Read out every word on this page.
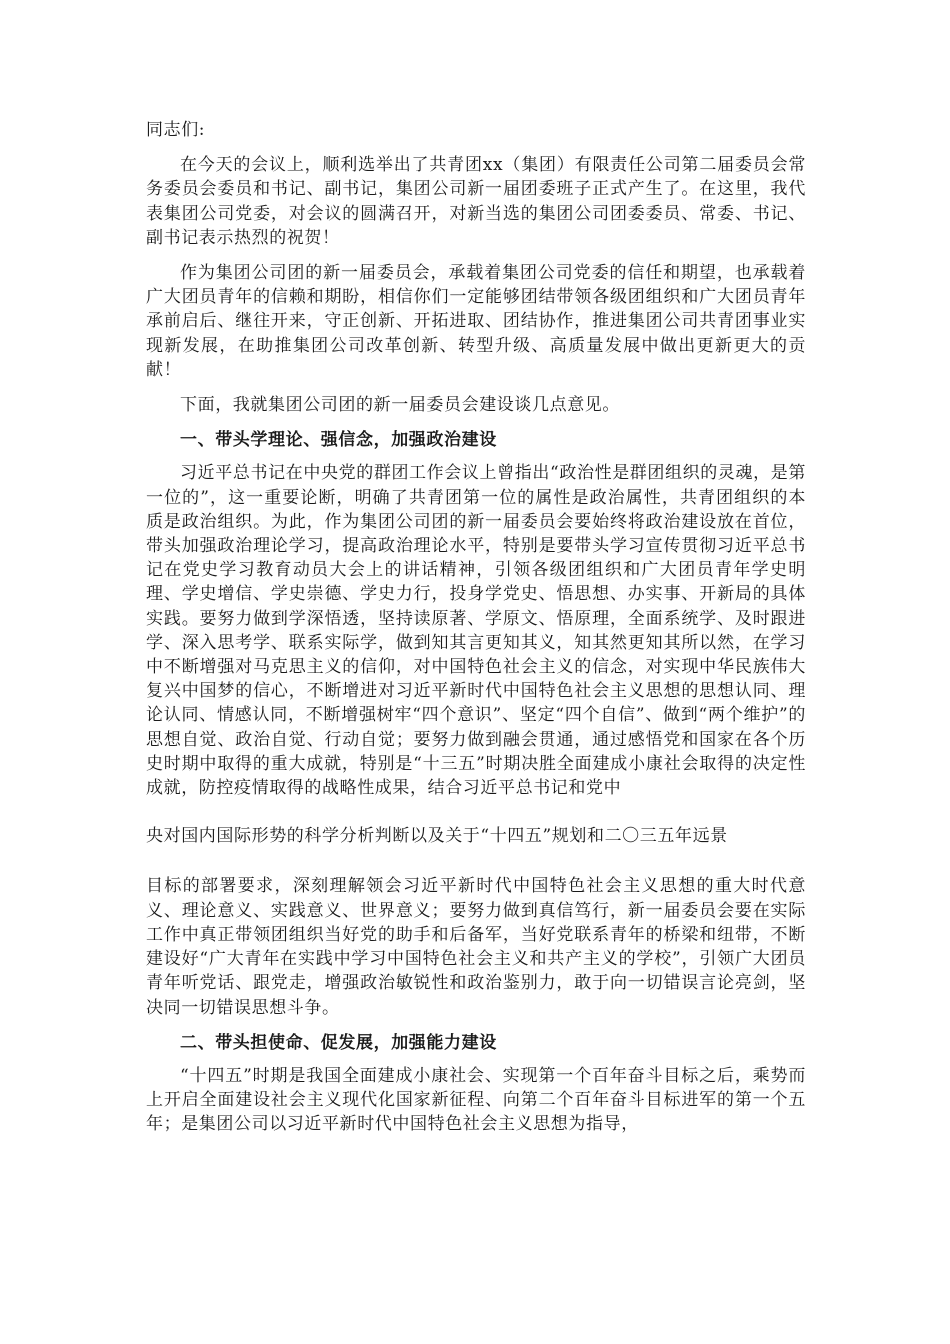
同志们:

在今天的会议上，顺利选举出了共青团xx（集团）有限责任公司第二届委员会常务委员会委员和书记、副书记，集团公司新一届团委班子正式产生了。在这里，我代表集团公司党委，对会议的圆满召开，对新当选的集团公司团委委员、常委、书记、副书记表示热烈的祝贺！

作为集团公司团的新一届委员会，承载着集团公司党委的信任和期望，也承载着广大团员青年的信赖和期盼，相信你们一定能够团结带领各级团组织和广大团员青年承前启后、继往开来，守正创新、开拓进取、团结协作，推进集团公司共青团事业实现新发展，在助推集团公司改革创新、转型升级、高质量发展中做出更新更大的贡献！

下面，我就集团公司团的新一届委员会建设谈几点意见。

一、带头学理论、强信念，加强政治建设

习近平总书记在中央党的群团工作会议上曾指出“政治性是群团组织的灵魂，是第一位的”，这一重要论断，明确了共青团第一位的属性是政治属性，共青团组织的本质是政治组织。为此，作为集团公司团的新一届委员会要始终将政治建设放在首位，带头加强政治理论学习，提高政治理论水平，特别是要带头学习宣传贯彻习近平总书记在党史学习教育动员大会上的讲话精神，引领各级团组织和广大团员青年学史明理、学史增信、学史崇德、学史力行，投身学党史、悟思想、办实事、开新局的具体实践。要努力做到学深悟透，坚持读原著、学原文、悟原理，全面系统学、及时跟进学、深入思考学、联系实际学，做到知其言更知其义，知其然更知其所以然，在学习中不断增强对马克思主义的信仰，对中国特色社会主义的信念，对实现中华民族伟大复兴中国梦的信心，不断增进对习近平新时代中国特色社会主义思想的思想认同、理论认同、情感认同，不断增强树牢“四个意识”、坚定“四个自信”、做到“两个维护”的思想自觉、政治自觉、行动自觉；要努力做到融会贯通，通过感悟党和国家在各个历史时期中取得的重大成就，特别是“十三五”时期决胜全面建成小康社会取得的决定性成就，防控疫情取得的战略性成果，结合习近平总书记和党中

央对国内国际形势的科学分析判断以及关于“十四五”规划和二〇三五年远景

目标的部署要求，深刻理解领会习近平新时代中国特色社会主义思想的重大时代意义、理论意义、实践意义、世界意义；要努力做到真信笃行，新一届委员会要在实际工作中真正带领团组织当好党的助手和后备军，当好党联系青年的桥梁和纽带，不断建设好“广大青年在实践中学习中国特色社会主义和共产主义的学校”，引领广大团员青年听党话、跟党走，增强政治敏锐性和政治鉴别力，敢于向一切错误言论亮剑，坚决同一切错误思想斗争。

二、带头担使命、促发展，加强能力建设

“十四五”时期是我国全面建成小康社会、实现第一个百年奋斗目标之后，乘势而上开启全面建设社会主义现代化国家新征程、向第二个百年奋斗目标进军的第一个五年；是集团公司以习近平新时代中国特色社会主义思想为指导，
